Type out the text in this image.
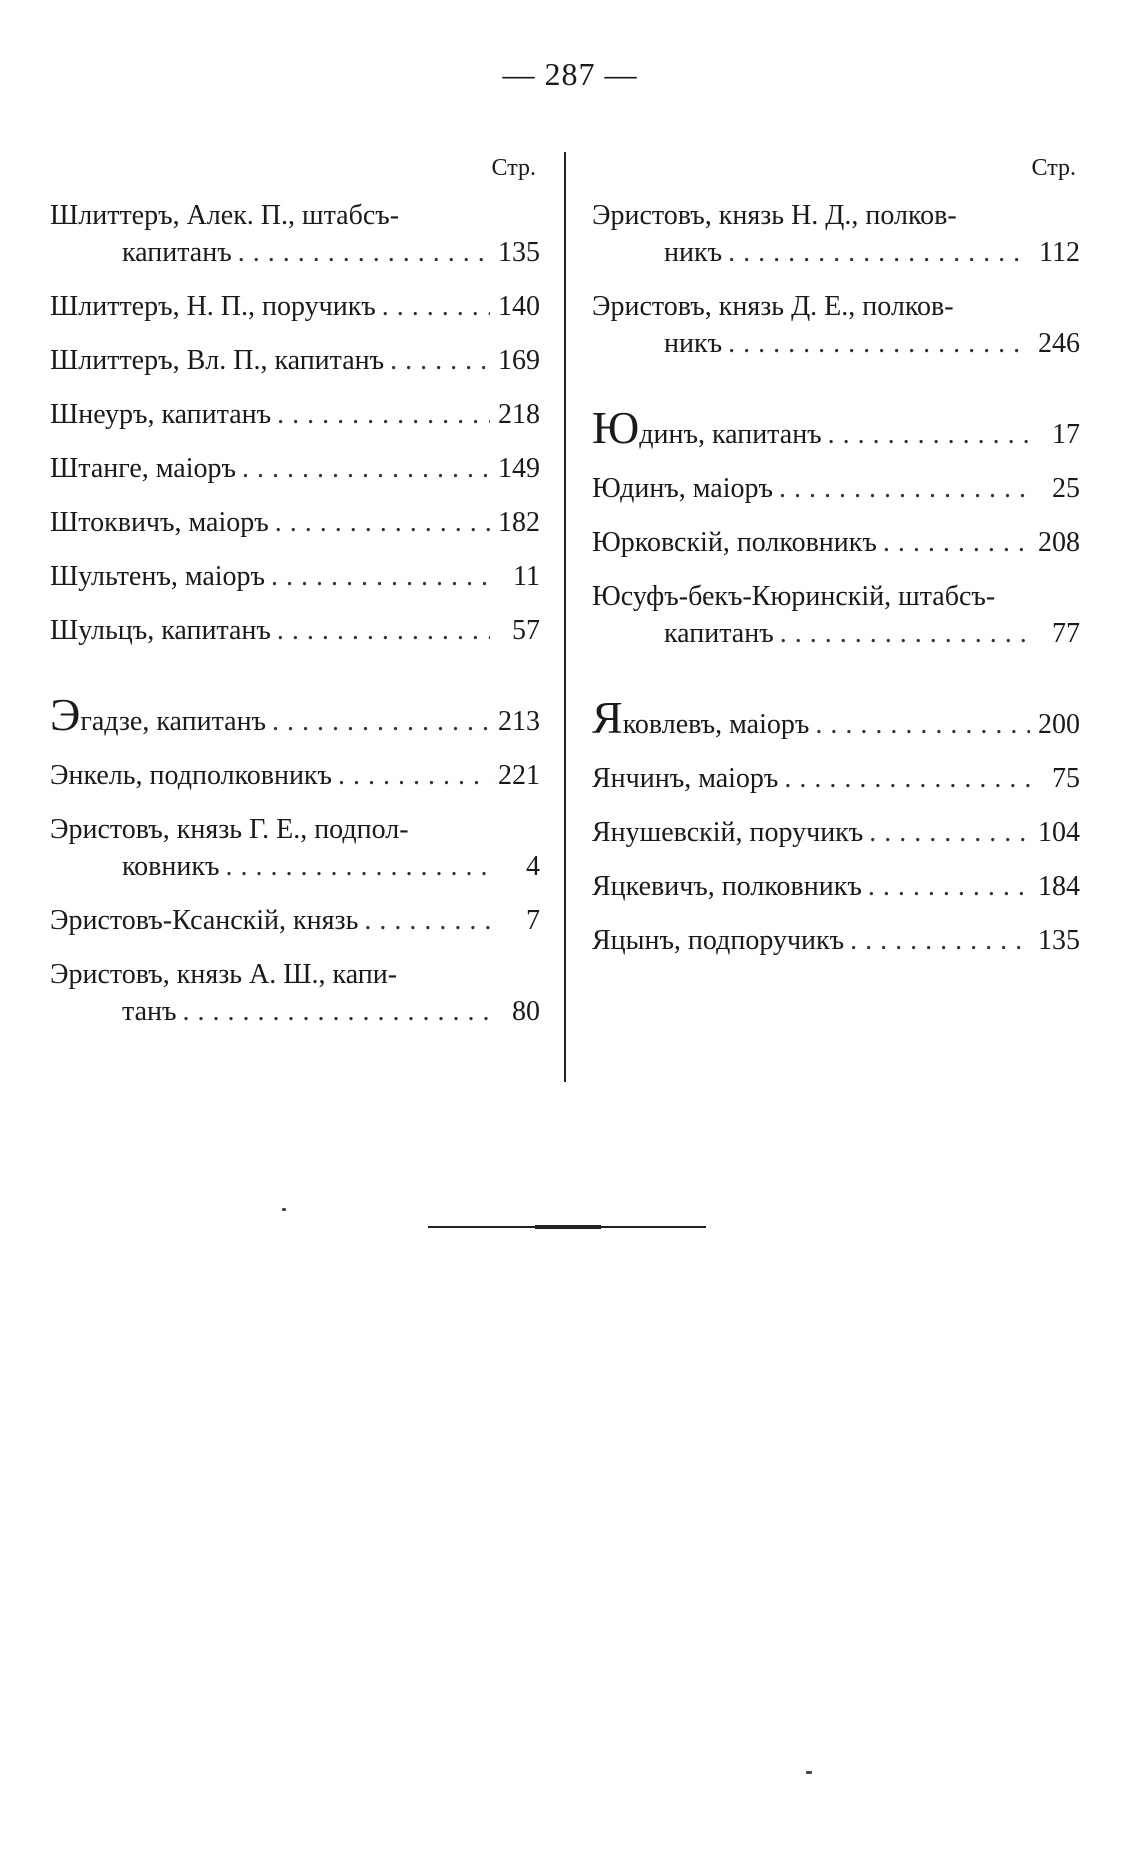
— 287 —
Стр.
Шлиттеръ, Алек. П., штабсъ-
капитанъ .....	135
Шлиттеръ, Н. П., поручикъ .....	140
Шлиттеръ, Вл. П., капитанъ .....	169
Шнеуръ, капитанъ .....	218
Штанге, маіоръ .....	149
Штоквичъ, маіоръ .....	182
Шультенъ, маіоръ .....	11
Шульцъ, капитанъ .....	57
Эгадзе, капитанъ .....	213
Энкель, подполковникъ .....	221
Эристовъ, князь Г. Е., подпол-
ковникъ .....	4
Эристовъ-Ксанскій, князь .....	7
Эристовъ, князь А. Ш., капи-
танъ .....	80
Стр.
Эристовъ, князь Н. Д., полков-
никъ .....	112
Эристовъ, князь Д. Е., полков-
никъ .....	246
Юдинъ, капитанъ .....	17
Юдинъ, маіоръ .....	25
Юрковскій, полковникъ .....	208
Юсуфъ-бекъ-Кюринскій, штабсъ-
капитанъ .....	77
Яковлевъ, маіоръ .....	200
Янчинъ, маіоръ .....	75
Янушевскій, поручикъ .....	104
Яцкевичъ, полковникъ .....	184
Яцынъ, подпоручикъ .....	135
